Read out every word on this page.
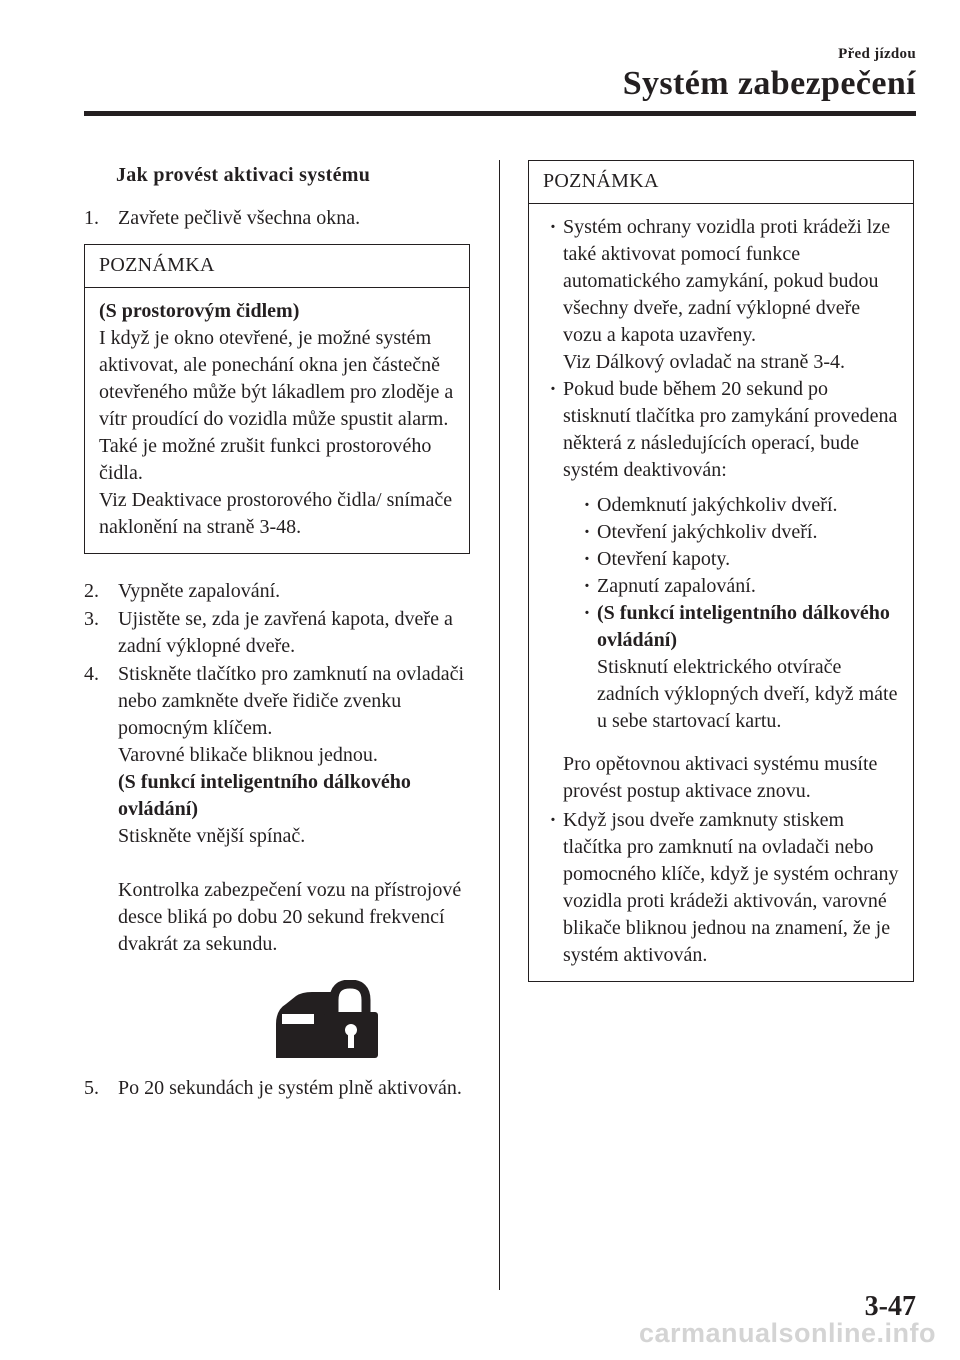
Před jízdou
Systém zabezpečení
Jak provést aktivaci systému
1. Zavřete pečlivě všechna okna.
POZNÁMKA
(S prostorovým čidlem)
I když je okno otevřené, je možné systém aktivovat, ale ponechání okna jen částečně otevřeného může být lákadlem pro zloděje a vítr proudící do vozidla může spustit alarm.
Také je možné zrušit funkci prostorového čidla.
Viz Deaktivace prostorového čidla/ snímače naklonění na straně 3-48.
2. Vypněte zapalování.
3. Ujistěte se, zda je zavřená kapota, dveře a zadní výklopné dveře.
4. Stiskněte tlačítko pro zamknutí na ovladači nebo zamkněte dveře řidiče zvenku pomocným klíčem.
Varovné blikače bliknou jednou.
(S funkcí inteligentního dálkového ovládání)
Stiskněte vnější spínač.
Kontrolka zabezpečení vozu na přístrojové desce bliká po dobu 20 sekund frekvencí dvakrát za sekundu.
5. Po 20 sekundách je systém plně aktivován.
POZNÁMKA
·
Systém ochrany vozidla proti krádeži lze také aktivovat pomocí funkce automatického zamykání, pokud budou všechny dveře, zadní výklopné dveře vozu a kapota uzavřeny.
Viz Dálkový ovladač na straně 3-4.
·
Pokud bude během 20 sekund po stisknutí tlačítka pro zamykání provedena některá z následujících operací, bude systém deaktivován:
·
Odemknutí jakýchkoliv dveří.
·
Otevření jakýchkoliv dveří.
·
Otevření kapoty.
·
Zapnutí zapalování.
·
(S funkcí inteligentního dálkového ovládání)
Stisknutí elektrického otvírače zadních výklopných dveří, když máte u sebe startovací kartu.
Pro opětovnou aktivaci systému musíte provést postup aktivace znovu.
·
Když jsou dveře zamknuty stiskem tlačítka pro zamknutí na ovladači nebo pomocného klíče, když je systém ochrany vozidla proti krádeži aktivován, varovné blikače bliknou jednou na znamení, že je systém aktivován.
3-47
carmanualsonline.info
